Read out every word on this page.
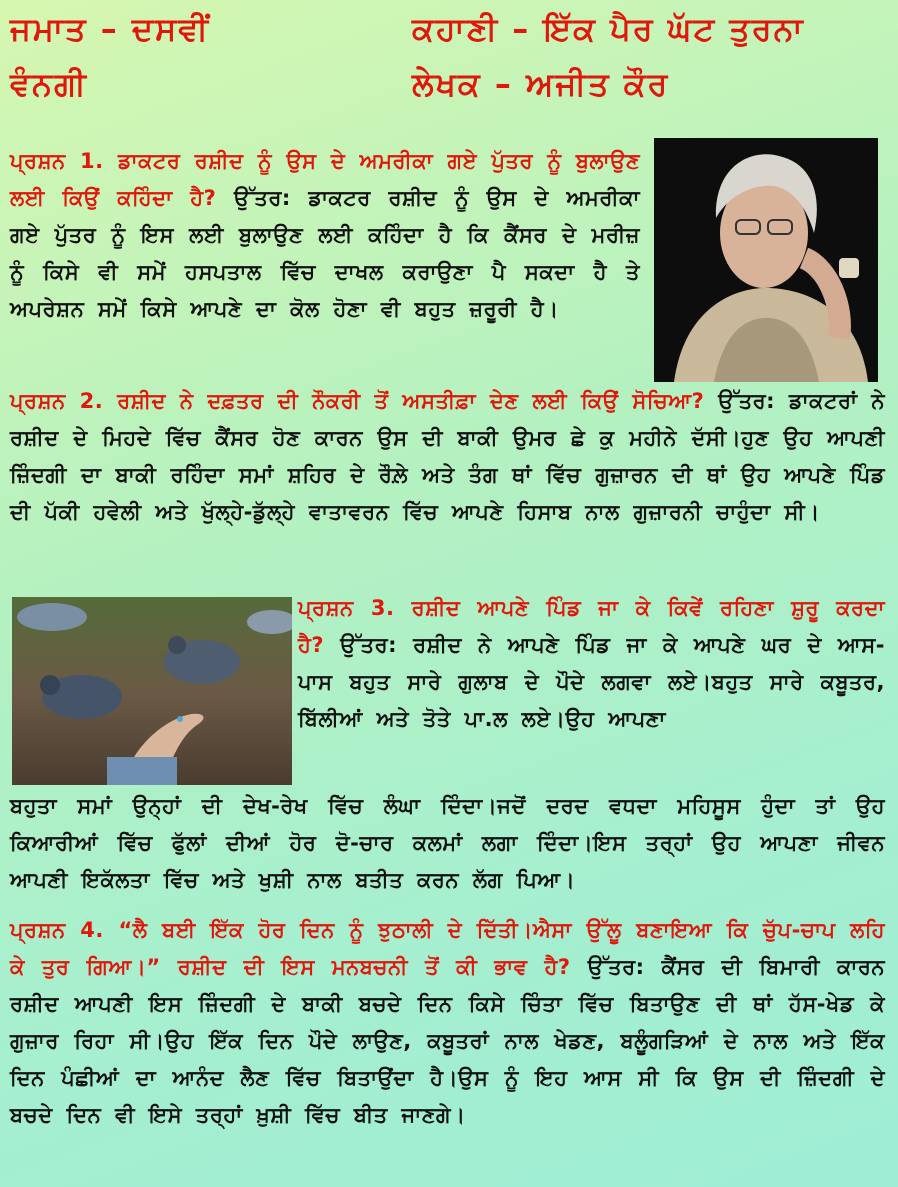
ਜਮਾਤ – ਦਸਵੀਂ
ਵੰਨਗੀ
ਕਹਾਣੀ – ਇੱਕ ਪੈਰ ਘੱਟ ਤੁਰਨਾ
ਲੇਖਕ – ਅਜੀਤ ਕੌਰ
ਪ੍ਰਸ਼ਨ 1. ਡਾਕਟਰ ਰਸ਼ੀਦ ਨੂੰ ਉਸ ਦੇ ਅਮਰੀਕਾ ਗਏ ਪੁੱਤਰ ਨੂੰ ਬੁਲਾਉਣ ਲਈ ਕਿਉਂ ਕਹਿੰਦਾ ਹੈ? ਉੱਤਰ: ਡਾਕਟਰ ਰਸ਼ੀਦ ਨੂੰ ਉਸ ਦੇ ਅਮਰੀਕਾ ਗਏ ਪੁੱਤਰ ਨੂੰ ਇਸ ਲਈ ਬੁਲਾਉਣ ਲਈ ਕਹਿੰਦਾ ਹੈ ਕਿ ਕੈਂਸਰ ਦੇ ਮਰੀਜ਼ ਨੂੰ ਕਿਸੇ ਵੀ ਸਮੇਂ ਹਸਪਤਾਲ ਵਿੱਚ ਦਾਖਲ ਕਰਾਉਣਾ ਪੈ ਸਕਦਾ ਹੈ ਤੇ ਅਪਰੇਸ਼ਨ ਸਮੇਂ ਕਿਸੇ ਆਪਣੇ ਦਾ ਕੋਲ ਹੋਣਾ ਵੀ ਬਹੁਤ ਜ਼ਰੂਰੀ ਹੈ।
ਪ੍ਰਸ਼ਨ 2. ਰਸ਼ੀਦ ਨੇ ਦਫ਼ਤਰ ਦੀ ਨੌਕਰੀ ਤੋਂ ਅਸਤੀਫ਼ਾ ਦੇਣ ਲਈ ਕਿਉਂ ਸੋਚਿਆ? ਉੱਤਰ: ਡਾਕਟਰਾਂ ਨੇ ਰਸ਼ੀਦ ਦੇ ਮਿਹਦੇ ਵਿੱਚ ਕੈਂਸਰ ਹੋਣ ਕਾਰਨ ਉਸ ਦੀ ਬਾਕੀ ਉਮਰ ਛੇ ਕੁ ਮਹੀਨੇ ਦੱਸੀ।ਹੁਣ ਉਹ ਆਪਣੀ ਜ਼ਿੰਦਗੀ ਦਾ ਬਾਕੀ ਰਹਿੰਦਾ ਸਮਾਂ ਸ਼ਹਿਰ ਦੇ ਰੌਲ਼ੇ ਅਤੇ ਤੰਗ ਥਾਂ ਵਿੱਚ ਗੁਜ਼ਾਰਨ ਦੀ ਥਾਂ ਉਹ ਆਪਣੇ ਪਿੰਡ ਦੀ ਪੱਕੀ ਹਵੇਲੀ ਅਤੇ ਖੁੱਲ੍ਹੇ-ਡੁੱਲ੍ਹੇ ਵਾਤਾਵਰਨ ਵਿੱਚ ਆਪਣੇ ਹਿਸਾਬ ਨਾਲ ਗੁਜ਼ਾਰਨੀ ਚਾਹੁੰਦਾ ਸੀ।
ਪ੍ਰਸ਼ਨ 3. ਰਸ਼ੀਦ ਆਪਣੇ ਪਿੰਡ ਜਾ ਕੇ ਕਿਵੇਂ ਰਹਿਣਾ ਸ਼ੁਰੂ ਕਰਦਾ ਹੈ? ਉੱਤਰ: ਰਸ਼ੀਦ ਨੇ ਆਪਣੇ ਪਿੰਡ ਜਾ ਕੇ ਆਪਣੇ ਘਰ ਦੇ ਆਸ-ਪਾਸ ਬਹੁਤ ਸਾਰੇ ਗੁਲਾਬ ਦੇ ਪੌਦੇ ਲਗਵਾ ਲਏ।ਬਹੁਤ ਸਾਰੇ ਕਬੂਤਰ, ਬਿੱਲੀਆਂ ਅਤੇ ਤੋਤੇ ਪਾ.ਲ ਲਏ।ਉਹ ਆਪਣਾ
ਬਹੁਤਾ ਸਮਾਂ ਉਨ੍ਹਾਂ ਦੀ ਦੇਖ-ਰੇਖ ਵਿੱਚ ਲੰਘਾ ਦਿੰਦਾ।ਜਦੋਂ ਦਰਦ ਵਧਦਾ ਮਹਿਸੂਸ ਹੁੰਦਾ ਤਾਂ ਉਹ ਕਿਆਰੀਆਂ ਵਿੱਚ ਫੁੱਲਾਂ ਦੀਆਂ ਹੋਰ ਦੋ-ਚਾਰ ਕਲਮਾਂ ਲਗਾ ਦਿੰਦਾ।ਇਸ ਤਰ੍ਹਾਂ ਉਹ ਆਪਣਾ ਜੀਵਨ ਆਪਣੀ ਇਕੱਲਤਾ ਵਿੱਚ ਅਤੇ ਖੁਸ਼ੀ ਨਾਲ ਬਤੀਤ ਕਰਨ ਲੱਗ ਪਿਆ।
ਪ੍ਰਸ਼ਨ 4. “ਲੈ ਬਈ ਇੱਕ ਹੋਰ ਦਿਨ ਨੂੰ ਝੁਠਾਲੀ ਦੇ ਦਿੱਤੀ।ਐਸਾ ਉੱਲੂ ਬਣਾਇਆ ਕਿ ਚੁੱਪ-ਚਾਪ ਲਹਿ ਕੇ ਤੁਰ ਗਿਆ।” ਰਸ਼ੀਦ ਦੀ ਇਸ ਮਨਬਚਨੀ ਤੋਂ ਕੀ ਭਾਵ ਹੈ? ਉੱਤਰ: ਕੈਂਸਰ ਦੀ ਬਿਮਾਰੀ ਕਾਰਨ ਰਸ਼ੀਦ ਆਪਣੀ ਇਸ ਜ਼ਿੰਦਗੀ ਦੇ ਬਾਕੀ ਬਚਦੇ ਦਿਨ ਕਿਸੇ ਚਿੰਤਾ ਵਿੱਚ ਬਿਤਾਉਣ ਦੀ ਥਾਂ ਹੱਸ-ਖੇਡ ਕੇ ਗੁਜ਼ਾਰ ਰਿਹਾ ਸੀ।ਉਹ ਇੱਕ ਦਿਨ ਪੌਦੇ ਲਾਉਣ, ਕਬੂਤਰਾਂ ਨਾਲ ਖੇਡਣ, ਬਲੂੰਗੜਿਆਂ ਦੇ ਨਾਲ ਅਤੇ ਇੱਕ ਦਿਨ ਪੰਛੀਆਂ ਦਾ ਆਨੰਦ ਲੈਣ ਵਿੱਚ ਬਿਤਾਉਂਦਾ ਹੈ।ਉਸ ਨੂੰ ਇਹ ਆਸ ਸੀ ਕਿ ਉਸ ਦੀ ਜ਼ਿੰਦਗੀ ਦੇ ਬਚਦੇ ਦਿਨ ਵੀ ਇਸੇ ਤਰ੍ਹਾਂ ਖ਼ੁਸ਼ੀ ਵਿੱਚ ਬੀਤ ਜਾਣਗੇ।
